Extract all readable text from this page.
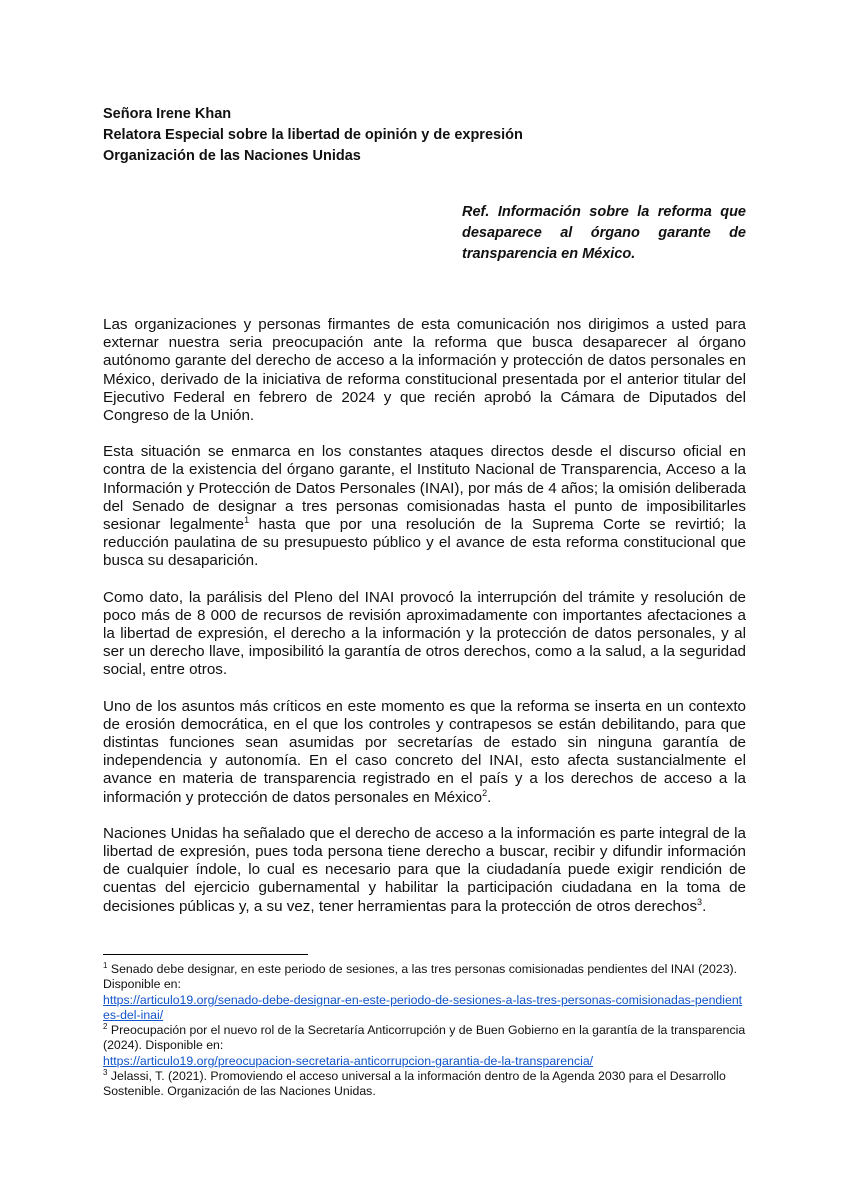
Señora Irene Khan
Relatora Especial sobre la libertad de opinión y de expresión
Organización de las Naciones Unidas
Ref. Información sobre la reforma que desaparece al órgano garante de transparencia en México.

Las organizaciones y personas firmantes de esta comunicación nos dirigimos a usted para externar nuestra seria preocupación ante la reforma que busca desaparecer al órgano autónomo garante del derecho de acceso a la información y protección de datos personales en México, derivado de la iniciativa de reforma constitucional presentada por el anterior titular del Ejecutivo Federal en febrero de 2024 y que recién aprobó la Cámara de Diputados del Congreso de la Unión.

Esta situación se enmarca en los constantes ataques directos desde el discurso oficial en contra de la existencia del órgano garante, el Instituto Nacional de Transparencia, Acceso a la Información y Protección de Datos Personales (INAI), por más de 4 años; la omisión deliberada del Senado de designar a tres personas comisionadas hasta el punto de imposibilitarles sesionar legalmente$^1$ hasta que por una resolución de la Suprema Corte se revirtió; la reducción paulatina de su presupuesto público y el avance de esta reforma constitucional que busca su desaparición.

Como dato, la parálisis del Pleno del INAI provocó la interrupción del trámite y resolución de poco más de 8 000 de recursos de revisión aproximadamente con importantes afectaciones a la libertad de expresión, el derecho a la información y la protección de datos personales, y al ser un derecho llave, imposibilitó la garantía de otros derechos, como a la salud, a la seguridad social, entre otros.

Uno de los asuntos más críticos en este momento es que la reforma se inserta en un contexto de erosión democrática, en el que los controles y contrapesos se están debilitando, para que distintas funciones sean asumidas por secretarías de estado sin ninguna garantía de independencia y autonomía. En el caso concreto del INAI, esto afecta sustancialmente el avance en materia de transparencia registrado en el país y a los derechos de acceso a la información y protección de datos personales en México$^2$.

Naciones Unidas ha señalado que el derecho de acceso a la información es parte integral de la libertad de expresión, pues toda persona tiene derecho a buscar, recibir y difundir información de cualquier índole, lo cual es necesario para que la ciudadanía puede exigir rendición de cuentas del ejercicio gubernamental y habilitar la participación ciudadana en la toma de decisiones públicas y, a su vez, tener herramientas para la protección de otros derechos$^3$.

$^1$ Senado debe designar, en este periodo de sesiones, a las tres personas comisionadas pendientes del INAI (2023). Disponible en:
https://articulo19.org/senado-debe-designar-en-este-periodo-de-sesiones-a-las-tres-personas-comisionadas-pendientes-del-inai/
$^2$ Preocupación por el nuevo rol de la Secretaría Anticorrupción y de Buen Gobierno en la garantía de la transparencia (2024). Disponible en:
https://articulo19.org/preocupacion-secretaria-anticorrupcion-garantia-de-la-transparencia/
$^3$ Jelassi, T. (2021). Promoviendo el acceso universal a la información dentro de la Agenda 2030 para el Desarrollo Sostenible. Organización de las Naciones Unidas.
